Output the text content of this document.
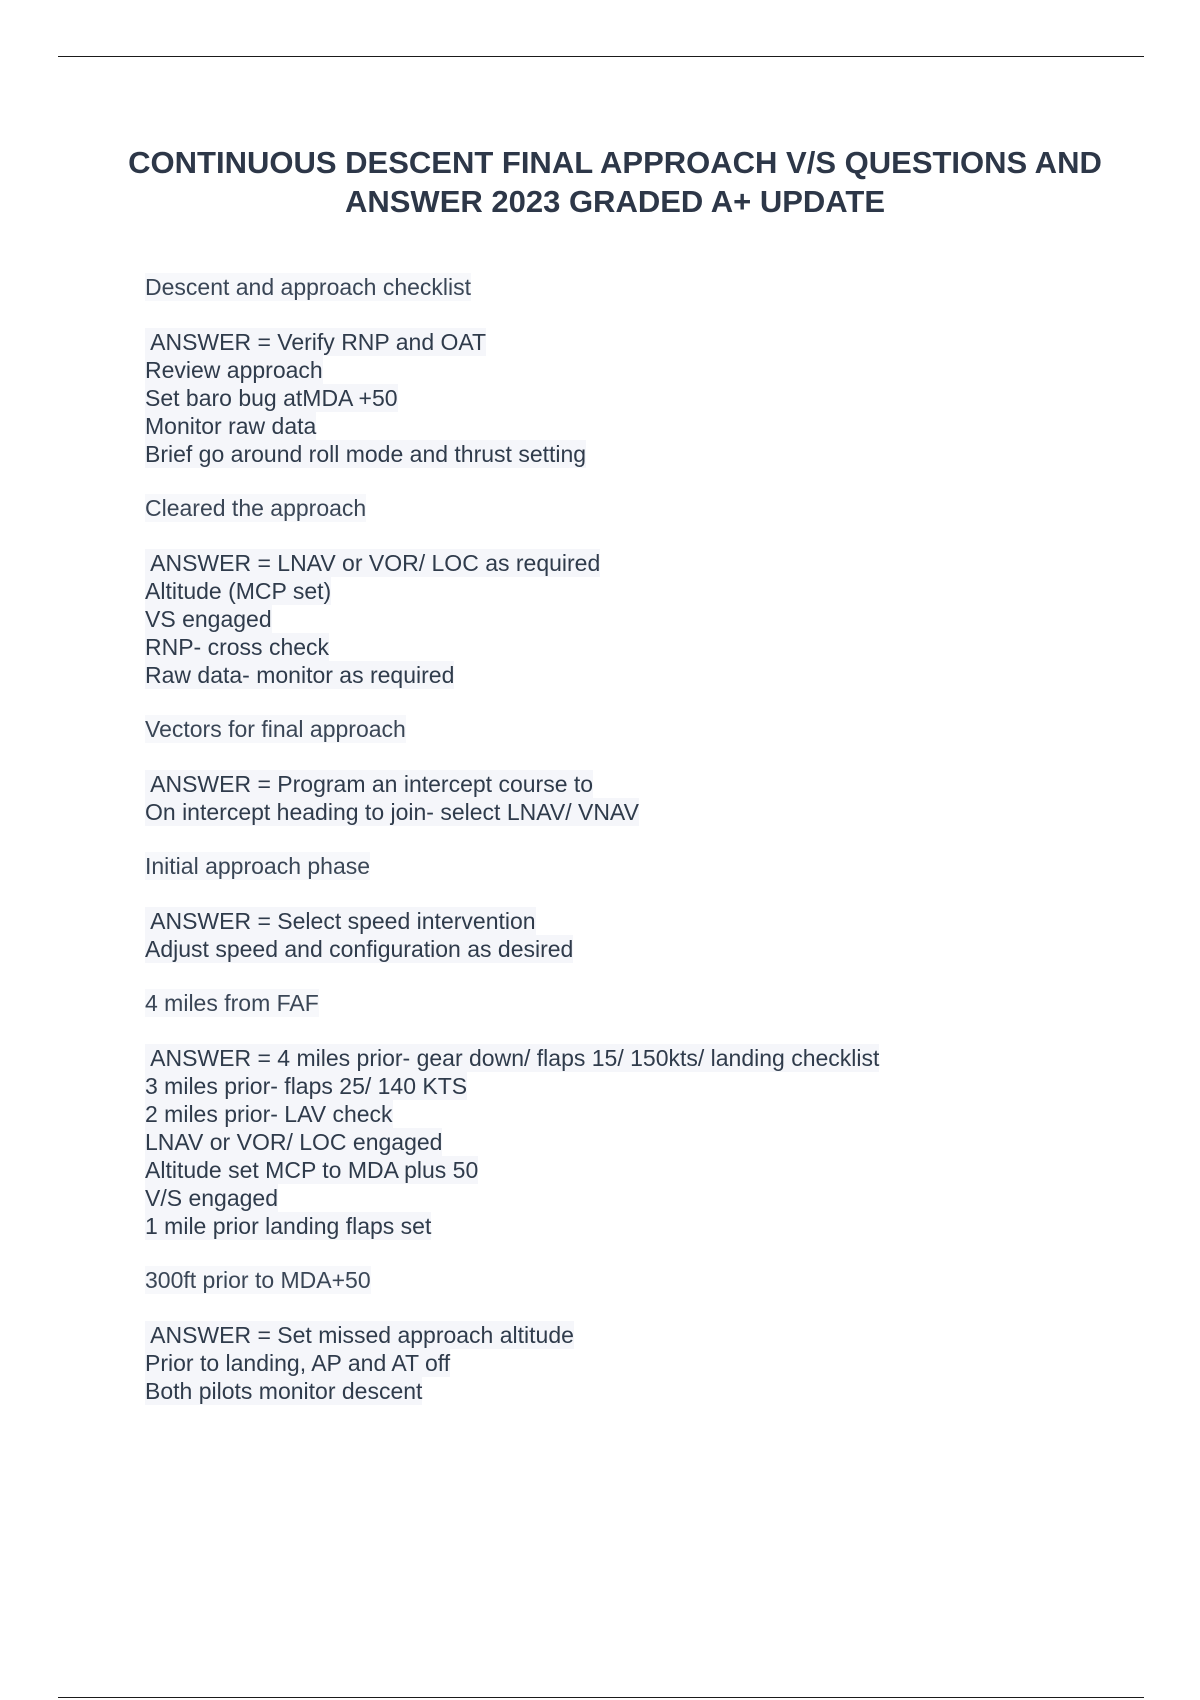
CONTINUOUS DESCENT FINAL APPROACH V/S QUESTIONS AND ANSWER 2023 GRADED A+ UPDATE
Descent and approach checklist
ANSWER = Verify RNP and OAT
Review approach
Set baro bug atMDA +50
Monitor raw data
Brief go around roll mode and thrust setting
Cleared the approach
ANSWER = LNAV or VOR/ LOC as required
Altitude (MCP set)
VS engaged
RNP- cross check
Raw data- monitor as required
Vectors for final approach
ANSWER = Program an intercept course to
On intercept heading to join- select LNAV/ VNAV
Initial approach phase
ANSWER = Select speed intervention
Adjust speed and configuration as desired
4 miles from FAF
ANSWER = 4 miles prior- gear down/ flaps 15/ 150kts/ landing checklist
3 miles prior- flaps 25/ 140 KTS
2 miles prior- LAV check
LNAV or VOR/ LOC engaged
Altitude set MCP to MDA plus 50
V/S engaged
1 mile prior landing flaps set
300ft prior to MDA+50
ANSWER = Set missed approach altitude
Prior to landing, AP and AT off
Both pilots monitor descent
